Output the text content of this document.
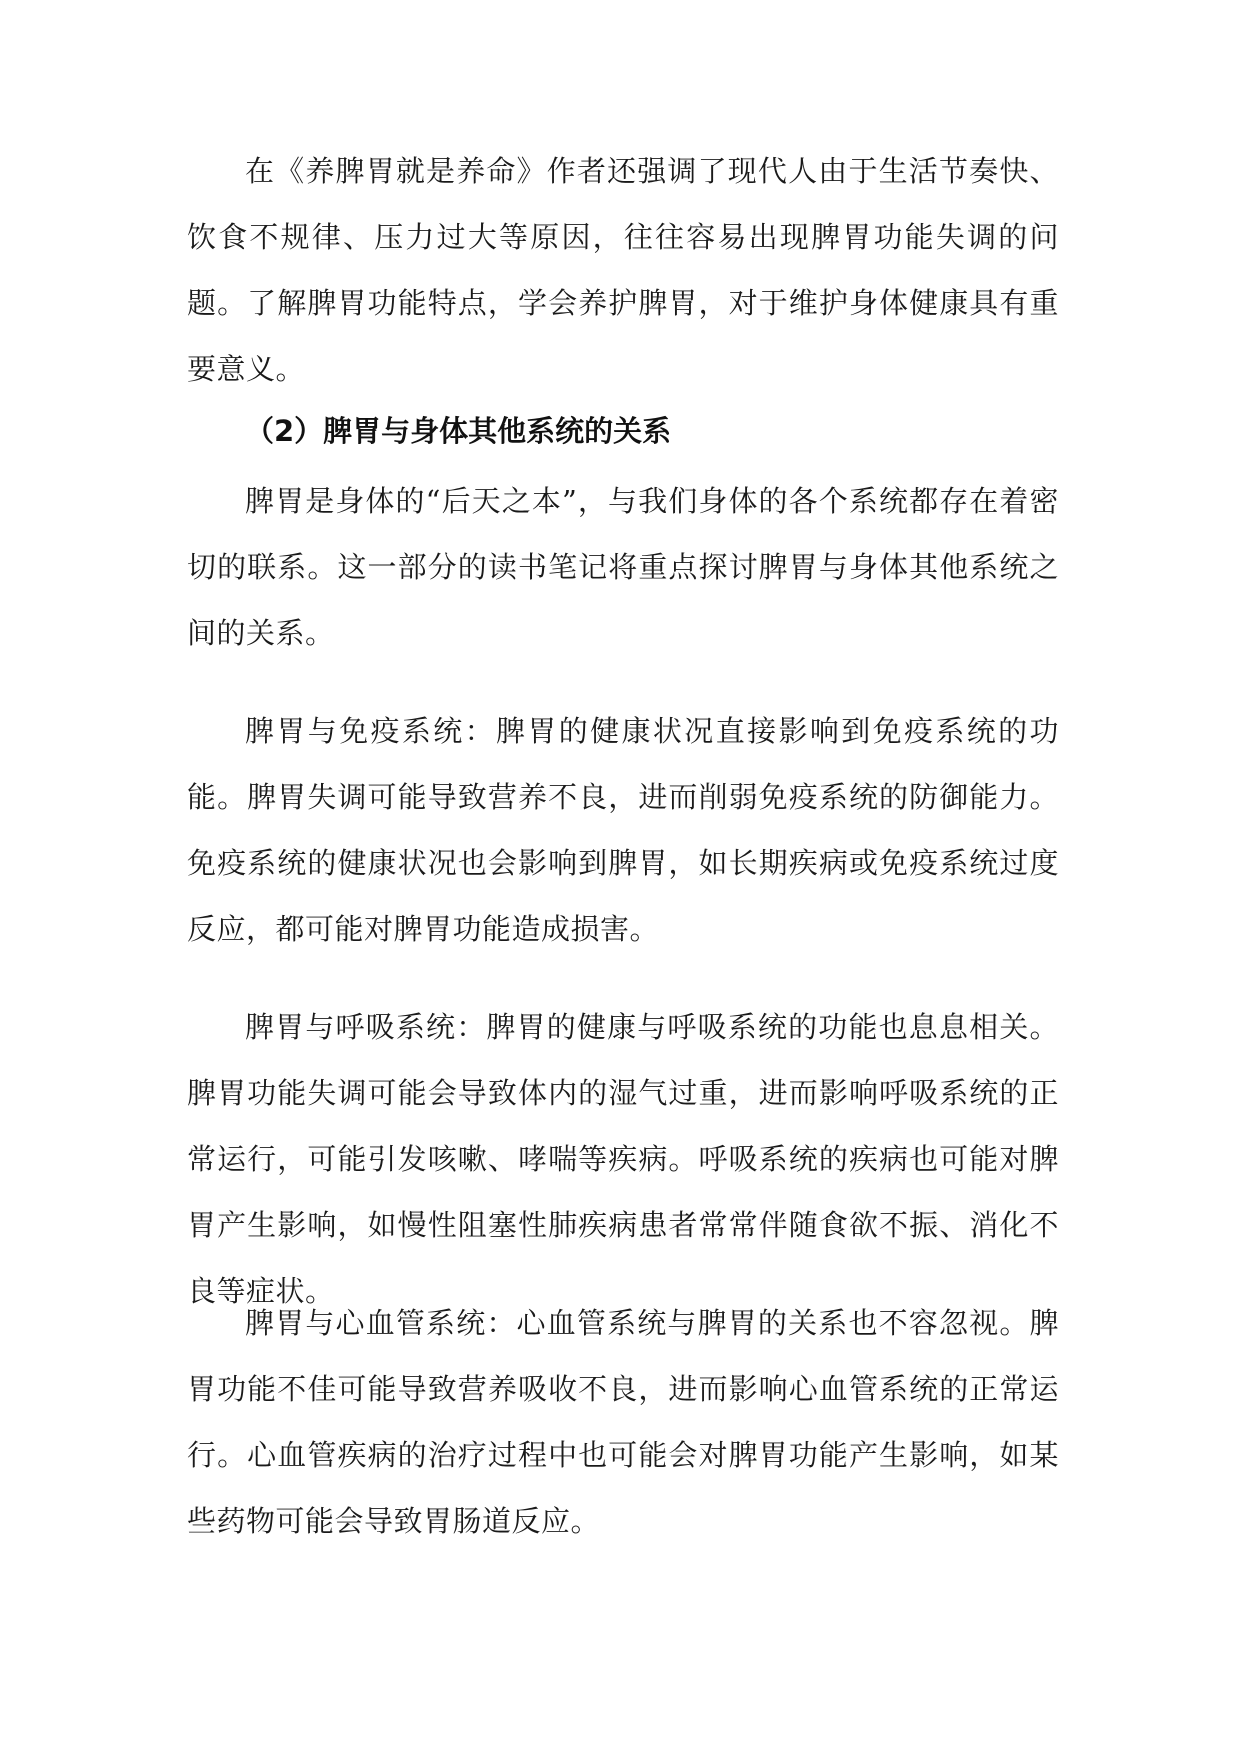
在《养脾胃就是养命》作者还强调了现代人由于生活节奏快、饮食不规律、压力过大等原因，往往容易出现脾胃功能失调的问题。了解脾胃功能特点，学会养护脾胃，对于维护身体健康具有重要意义。

（2）脾胃与身体其他系统的关系

脾胃是身体的“后天之本”，与我们身体的各个系统都存在着密切的联系。这一部分的读书笔记将重点探讨脾胃与身体其他系统之间的关系。

脾胃与免疫系统：脾胃的健康状况直接影响到免疫系统的功能。脾胃失调可能导致营养不良，进而削弱免疫系统的防御能力。免疫系统的健康状况也会影响到脾胃，如长期疾病或免疫系统过度反应，都可能对脾胃功能造成损害。

脾胃与呼吸系统：脾胃的健康与呼吸系统的功能也息息相关。脾胃功能失调可能会导致体内的湿气过重，进而影响呼吸系统的正常运行，可能引发咳嗽、哮喘等疾病。呼吸系统的疾病也可能对脾胃产生影响，如慢性阻塞性肺疾病患者常常伴随食欲不振、消化不良等症状。

脾胃与心血管系统：心血管系统与脾胃的关系也不容忽视。脾胃功能不佳可能导致营养吸收不良，进而影响心血管系统的正常运行。心血管疾病的治疗过程中也可能会对脾胃功能产生影响，如某些药物可能会导致胃肠道反应。
